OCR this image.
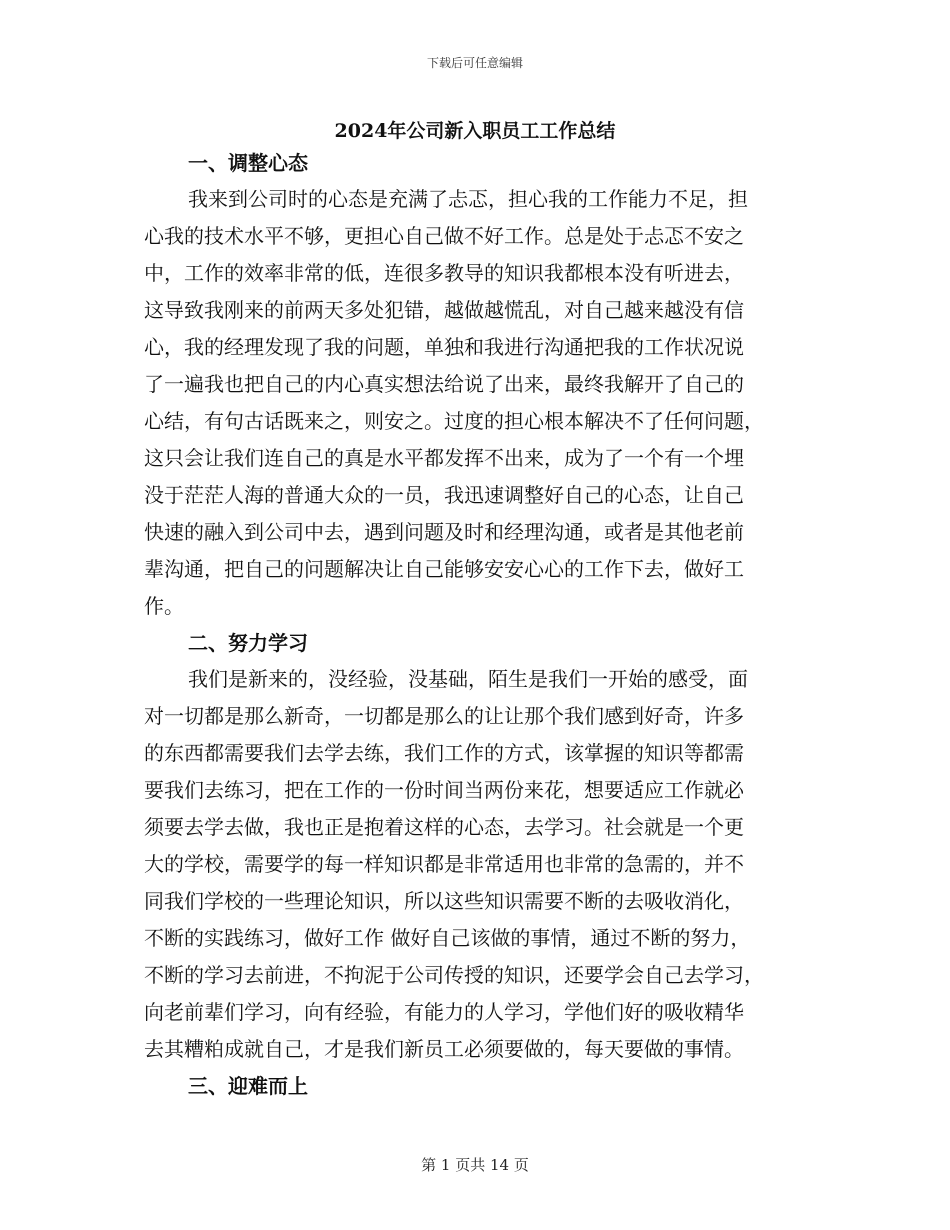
下载后可任意编辑
2024年公司新入职员工工作总结
一、调整心态
我来到公司时的心态是充满了忐忑，担心我的工作能力不足，担
心我的技术水平不够，更担心自己做不好工作。总是处于忐忑不安之
中，工作的效率非常的低，连很多教导的知识我都根本没有听进去，
这导致我刚来的前两天多处犯错，越做越慌乱，对自己越来越没有信
心，我的经理发现了我的问题，单独和我进行沟通把我的工作状况说
了一遍我也把自己的内心真实想法给说了出来，最终我解开了自己的
心结，有句古话既来之，则安之。过度的担心根本解决不了任何问题，
这只会让我们连自己的真是水平都发挥不出来，成为了一个有一个埋
没于茫茫人海的普通大众的一员，我迅速调整好自己的心态，让自己
快速的融入到公司中去，遇到问题及时和经理沟通，或者是其他老前
辈沟通，把自己的问题解决让自己能够安安心心的工作下去，做好工
作。
二、努力学习
我们是新来的，没经验，没基础，陌生是我们一开始的感受，面
对一切都是那么新奇，一切都是那么的让让那个我们感到好奇，许多
的东西都需要我们去学去练，我们工作的方式，该掌握的知识等都需
要我们去练习，把在工作的一份时间当两份来花，想要适应工作就必
须要去学去做，我也正是抱着这样的心态，去学习。社会就是一个更
大的学校，需要学的每一样知识都是非常适用也非常的急需的，并不
同我们学校的一些理论知识，所以这些知识需要不断的去吸收消化，
不断的实践练习，做好工作 做好自己该做的事情，通过不断的努力，
不断的学习去前进，不拘泥于公司传授的知识，还要学会自己去学习，
向老前辈们学习，向有经验，有能力的人学习，学他们好的吸收精华
去其糟粕成就自己，才是我们新员工必须要做的，每天要做的事情。
三、迎难而上
第 1 页共 14 页
